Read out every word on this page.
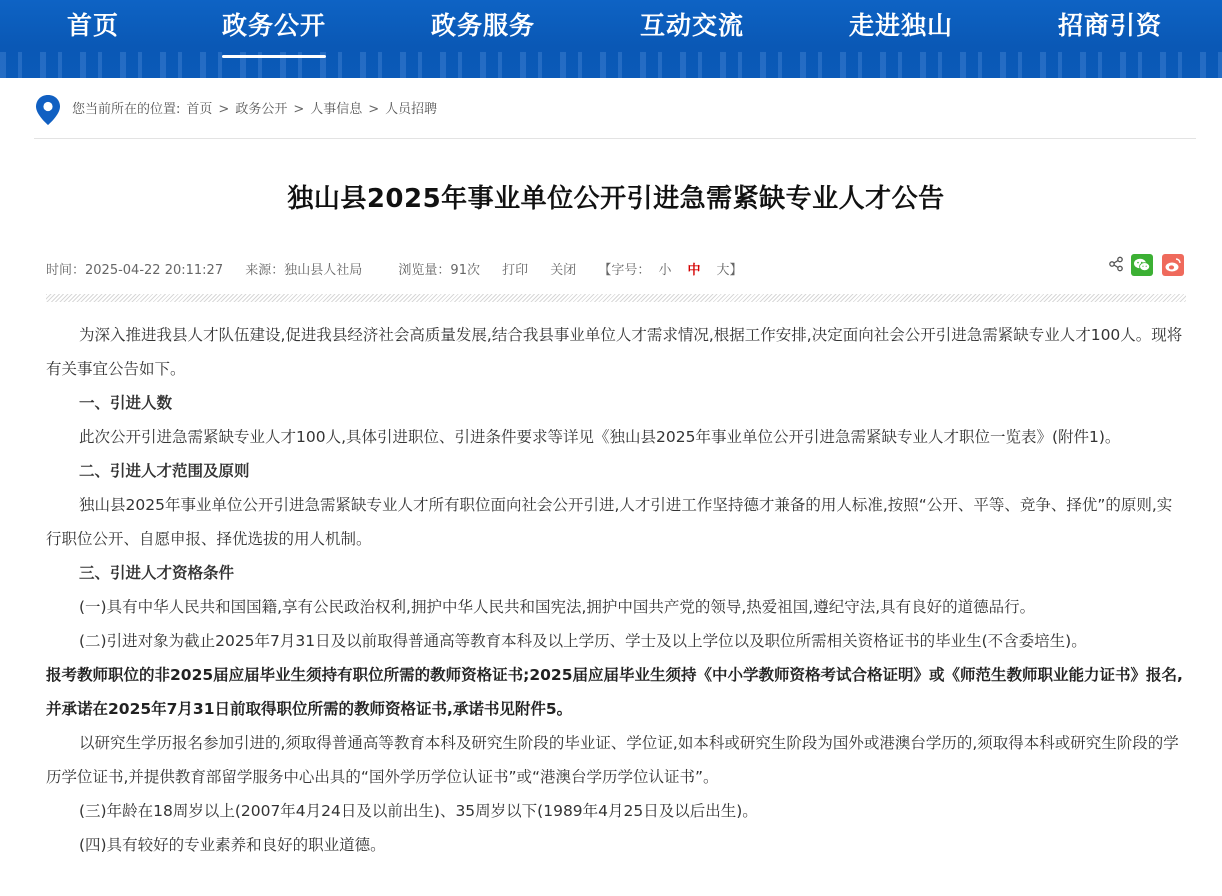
首页	政务公开	政务服务	互动交流	走进独山	招商引资
您当前所在的位置: 首页 > 政务公开 > 人事信息 > 人员招聘
独山县2025年事业单位公开引进急需紧缺专业人才公告
时间：2025-04-22 20:11:27 来源：独山县人社局	浏览量：91次 打印 关闭 【字号： 小 中 大】

为深入推进我县人才队伍建设,促进我县经济社会高质量发展,结合我县事业单位人才需求情况,根据工作安排,决定面向社会公开引进急需紧缺专业人才100人。现将有关事宜公告如下。

一、引进人数

此次公开引进急需紧缺专业人才100人,具体引进职位、引进条件要求等详见《独山县2025年事业单位公开引进急需紧缺专业人才职位一览表》(附件1)。

二、引进人才范围及原则

独山县2025年事业单位公开引进急需紧缺专业人才所有职位面向社会公开引进,人才引进工作坚持德才兼备的用人标准,按照“公开、平等、竞争、择优”的原则,实行职位公开、自愿申报、择优选拔的用人机制。

三、引进人才资格条件

(一)具有中华人民共和国国籍,享有公民政治权利,拥护中华人民共和国宪法,拥护中国共产党的领导,热爱祖国,遵纪守法,具有良好的道德品行。

(二)引进对象为截止2025年7月31日及以前取得普通高等教育本科及以上学历、学士及以上学位以及职位所需相关资格证书的毕业生(不含委培生)。

报考教师职位的非2025届应届毕业生须持有职位所需的教师资格证书;2025届应届毕业生须持《中小学教师资格考试合格证明》或《师范生教师职业能力证书》报名,并承诺在2025年7月31日前取得职位所需的教师资格证书,承诺书见附件5。

以研究生学历报名参加引进的,须取得普通高等教育本科及研究生阶段的毕业证、学位证,如本科或研究生阶段为国外或港澳台学历的,须取得本科或研究生阶段的学历学位证书,并提供教育部留学服务中心出具的“国外学历学位认证书”或“港澳台学历学位认证书”。

(三)年龄在18周岁以上(2007年4月24日及以前出生)、35周岁以下(1989年4月25日及以后出生)。

(四)具有较好的专业素养和良好的职业道德。
